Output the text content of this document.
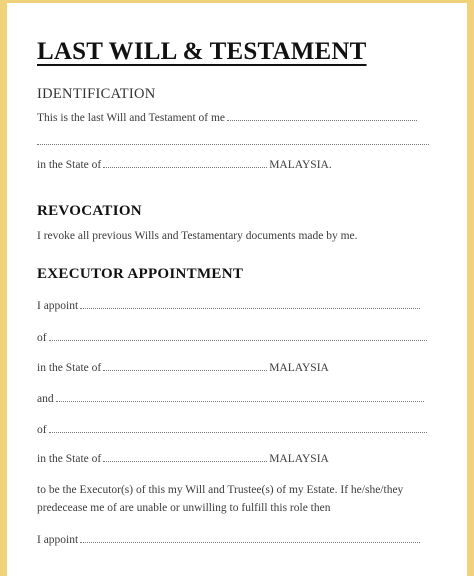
LAST WILL & TESTAMENT
IDENTIFICATION
This is the last Will and Testament of me
in the State of	MALAYSIA.
REVOCATION
I revoke all previous Wills and Testamentary documents made by me.
EXECUTOR APPOINTMENT
I appoint
of
in the State of	MALAYSIA
and
of
in the State of	MALAYSIA
to be the Executor(s) of this my Will and Trustee(s) of my Estate. If he/she/they
predecease me of are unable or unwilling to fulfill this role then
I appoint
